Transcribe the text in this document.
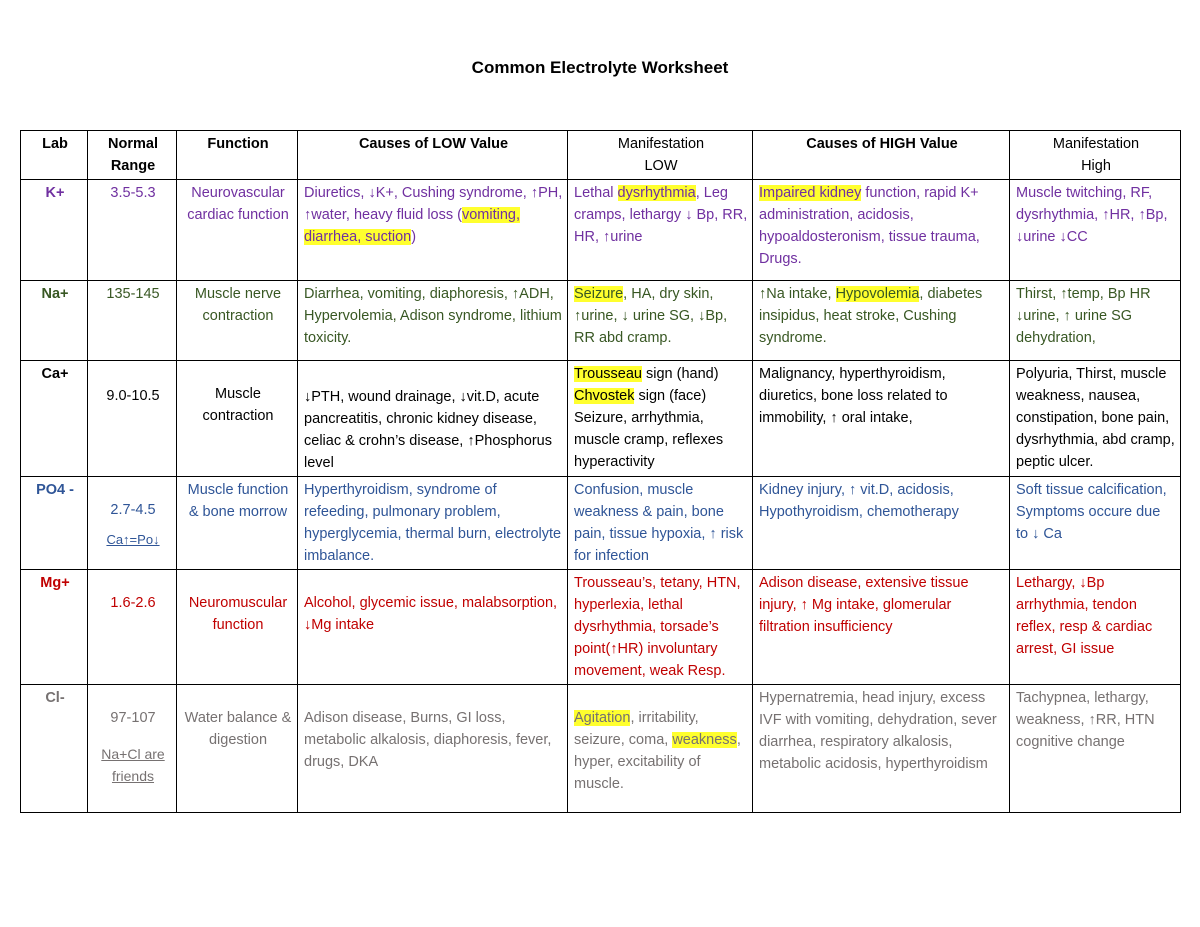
Common Electrolyte Worksheet
Lab	Normal
Range	Function	Causes of LOW Value	Manifestation
LOW	Causes of HIGH Value	Manifestation
High
K+	3.5-5.3	Neurovascular cardiac function	Diuretics, ↓K+, Cushing syndrome, ↑PH, ↑water, heavy fluid loss (vomiting, diarrhea, suction)	Lethal dysrhythmia, Leg cramps, lethargy ↓ Bp, RR, HR, ↑urine	Impaired kidney function, rapid K+ administration, acidosis, hypoaldosteronism, tissue trauma, Drugs.	Muscle twitching, RF, dysrhythmia, ↑HR, ↑Bp, ↓urine ↓CC
Na+	135-145	Muscle nerve contraction	Diarrhea, vomiting, diaphoresis, ↑ADH, Hypervolemia, Adison syndrome, lithium toxicity.	Seizure, HA, dry skin, ↑urine, ↓ urine SG, ↓Bp, RR abd cramp.	↑Na intake, Hypovolemia, diabetes insipidus, heat stroke, Cushing syndrome.	Thirst, ↑temp, Bp HR ↓urine, ↑ urine SG dehydration,
Ca+	9.0-10.5	Muscle contraction	↓PTH, wound drainage, ↓vit.D, acute pancreatitis, chronic kidney disease, celiac & crohn’s disease, ↑Phosphorus level	Trousseau sign (hand)
Chvostek sign (face)
Seizure, arrhythmia, muscle cramp, reflexes hyperactivity	Malignancy, hyperthyroidism, diuretics, bone loss related to immobility, ↑ oral intake,	Polyuria, Thirst, muscle weakness, nausea, constipation, bone pain, dysrhythmia, abd cramp, peptic ulcer.
PO4 -	2.7-4.5
Ca↑=Po↓	Muscle function & bone morrow	Hyperthyroidism, syndrome of refeeding, pulmonary problem, hyperglycemia, thermal burn, electrolyte imbalance.	Confusion, muscle weakness & pain, bone pain, tissue hypoxia, ↑ risk for infection	Kidney injury, ↑ vit.D, acidosis, Hypothyroidism, chemotherapy	Soft tissue calcification, Symptoms occure due to ↓ Ca
Mg+	1.6-2.6	Neuromuscular function	Alcohol, glycemic issue, malabsorption, ↓Mg intake	Trousseau’s, tetany, HTN, hyperlexia, lethal dysrhythmia, torsade’s point(↑HR) involuntary movement, weak Resp.	Adison disease, extensive tissue injury, ↑ Mg intake, glomerular filtration insufficiency	Lethargy, ↓Bp arrhythmia, tendon reflex, resp & cardiac arrest, GI issue
Cl-	97-107
Na+Cl are friends	Water balance & digestion	Adison disease, Burns, GI loss, metabolic alkalosis, diaphoresis, fever, drugs, DKA	Agitation, irritability, seizure, coma, weakness, hyper, excitability of muscle.	Hypernatremia, head injury, excess IVF with vomiting, dehydration, sever diarrhea, respiratory alkalosis, metabolic acidosis, hyperthyroidism	Tachypnea, lethargy, weakness, ↑RR, HTN cognitive change
